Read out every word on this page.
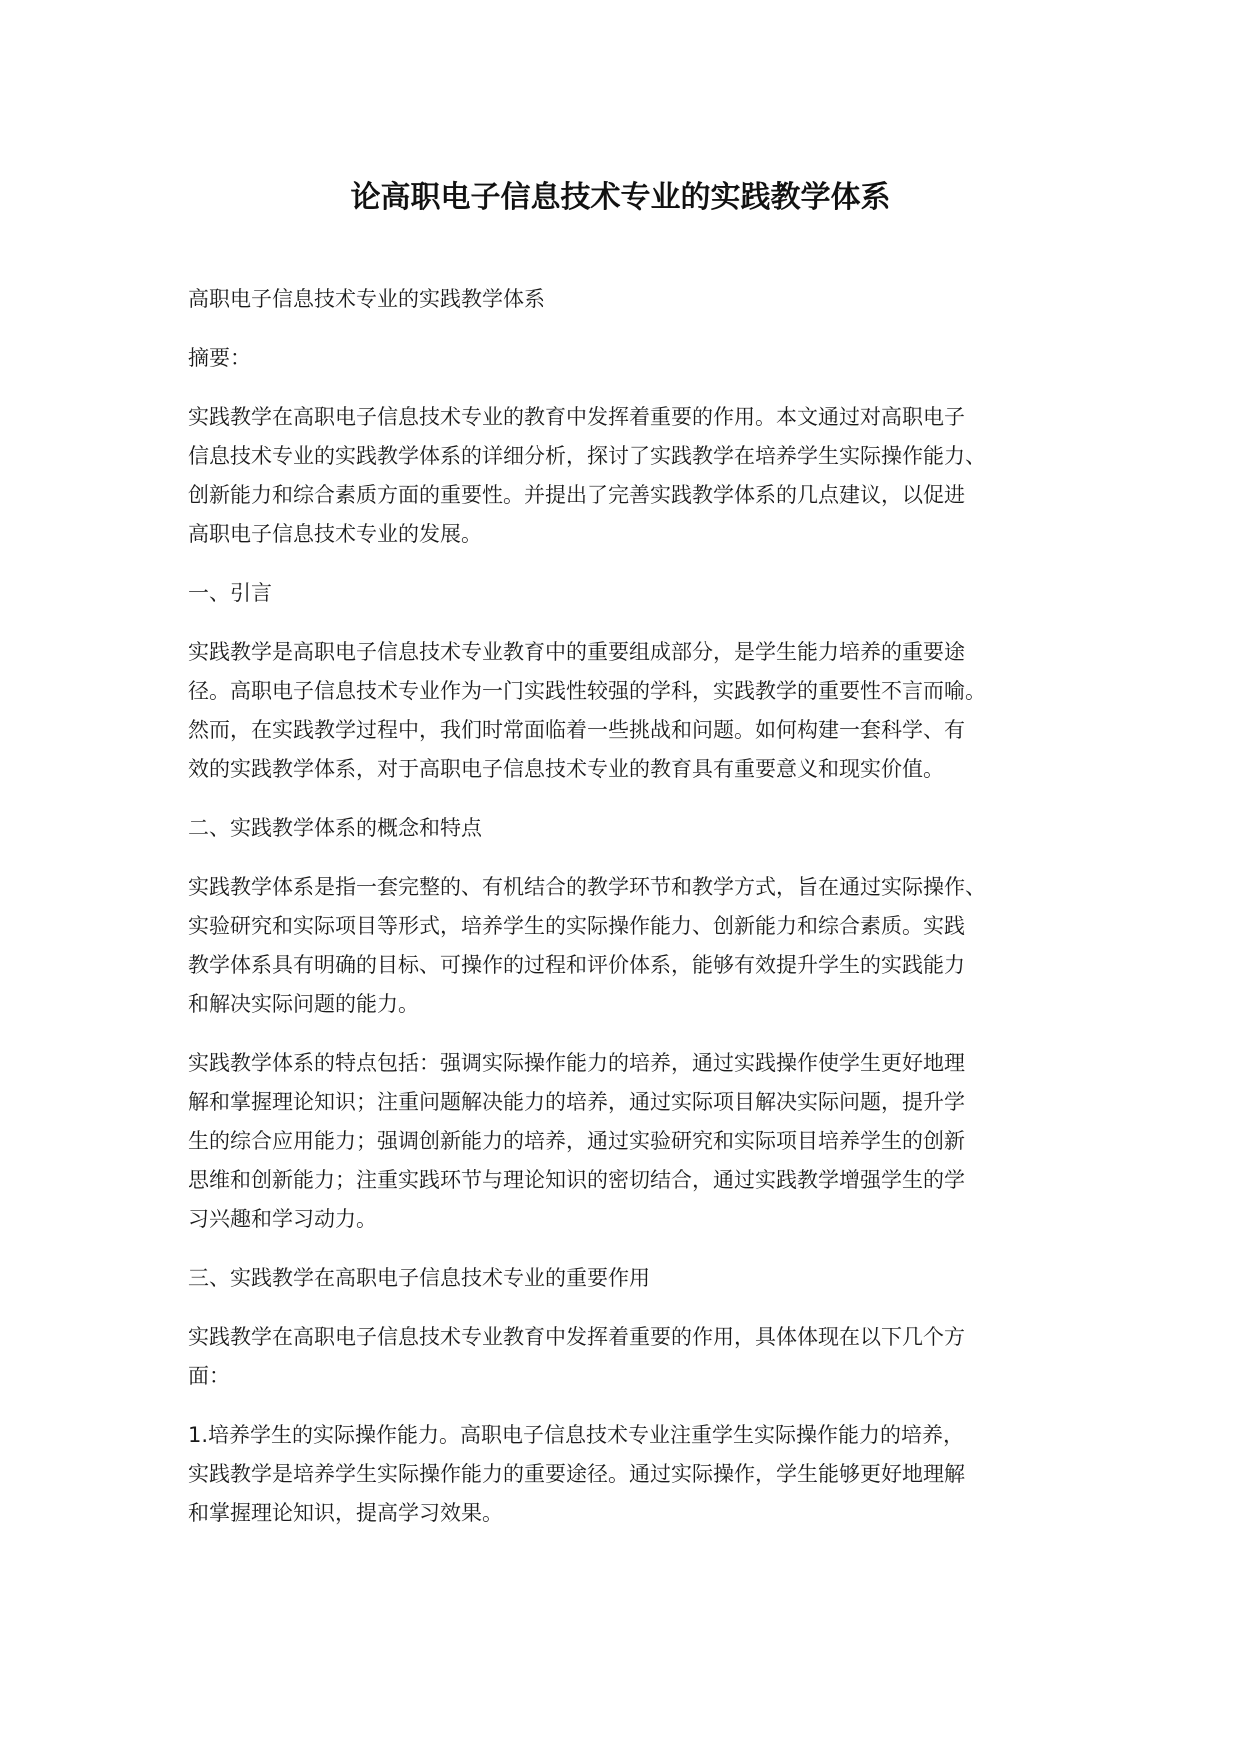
论高职电子信息技术专业的实践教学体系

高职电子信息技术专业的实践教学体系

摘要：

实践教学在高职电子信息技术专业的教育中发挥着重要的作用。本文通过对高职电子
信息技术专业的实践教学体系的详细分析，探讨了实践教学在培养学生实际操作能力、
创新能力和综合素质方面的重要性。并提出了完善实践教学体系的几点建议，以促进
高职电子信息技术专业的发展。

一、引言

实践教学是高职电子信息技术专业教育中的重要组成部分，是学生能力培养的重要途
径。高职电子信息技术专业作为一门实践性较强的学科，实践教学的重要性不言而喻。
然而，在实践教学过程中，我们时常面临着一些挑战和问题。如何构建一套科学、有
效的实践教学体系，对于高职电子信息技术专业的教育具有重要意义和现实价值。

二、实践教学体系的概念和特点

实践教学体系是指一套完整的、有机结合的教学环节和教学方式，旨在通过实际操作、
实验研究和实际项目等形式，培养学生的实际操作能力、创新能力和综合素质。实践
教学体系具有明确的目标、可操作的过程和评价体系，能够有效提升学生的实践能力
和解决实际问题的能力。

实践教学体系的特点包括：强调实际操作能力的培养，通过实践操作使学生更好地理
解和掌握理论知识；注重问题解决能力的培养，通过实际项目解决实际问题，提升学
生的综合应用能力；强调创新能力的培养，通过实验研究和实际项目培养学生的创新
思维和创新能力；注重实践环节与理论知识的密切结合，通过实践教学增强学生的学
习兴趣和学习动力。

三、实践教学在高职电子信息技术专业的重要作用

实践教学在高职电子信息技术专业教育中发挥着重要的作用，具体体现在以下几个方
面：

1.培养学生的实际操作能力。高职电子信息技术专业注重学生实际操作能力的培养，
实践教学是培养学生实际操作能力的重要途径。通过实际操作，学生能够更好地理解
和掌握理论知识，提高学习效果。
